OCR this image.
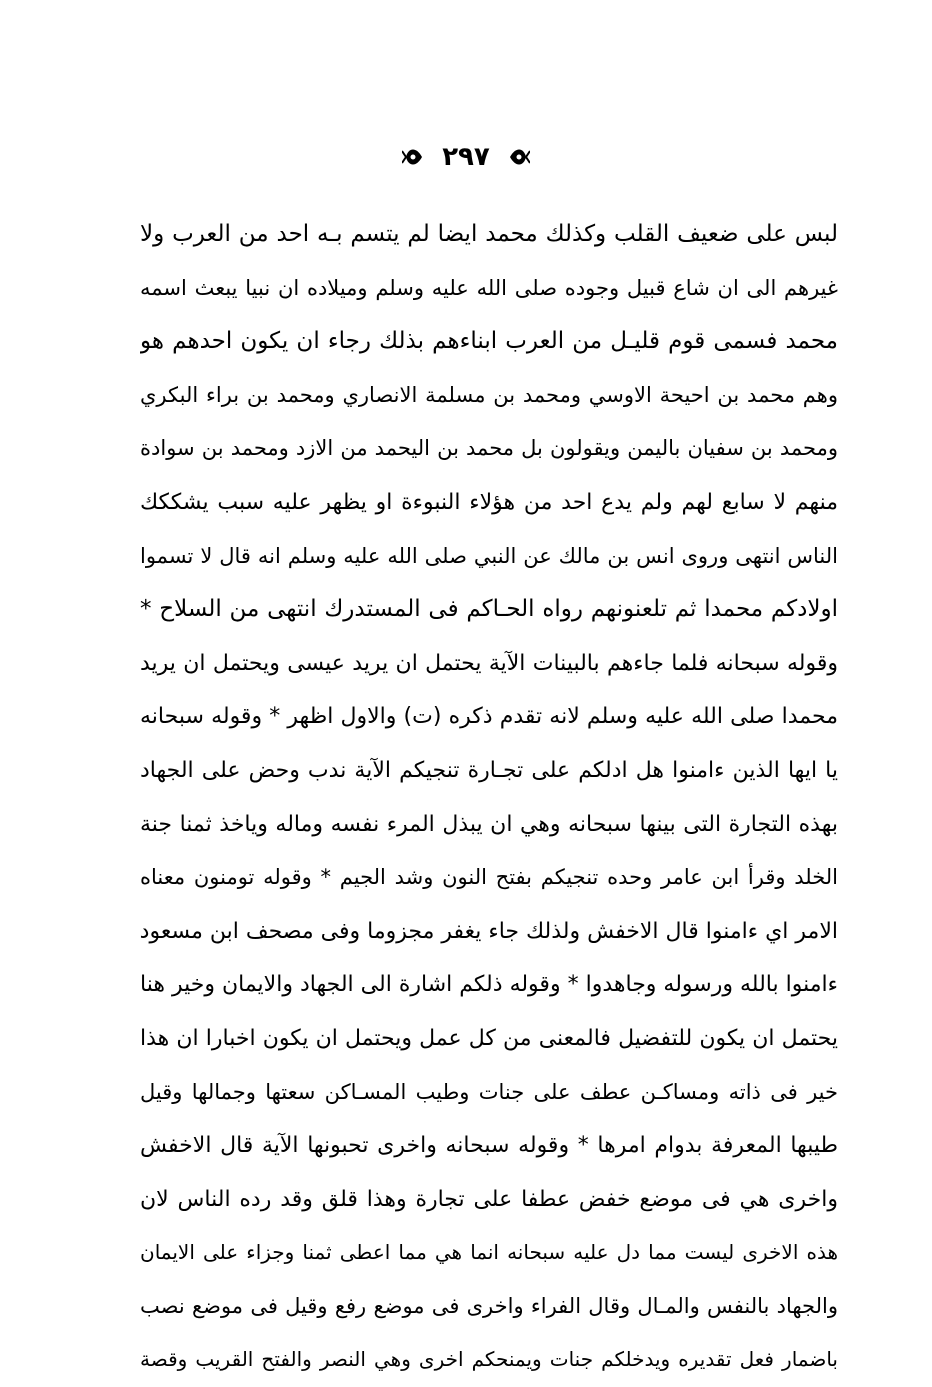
٢٩٧
لبس على ضعيف القلب وكذلك محمد ايضا لم يتسم بـه احد من العرب ولا
غيرهم الى ان شاع قبيل وجوده صلى الله عليه وسلم وميلاده ان نبيا يبعث اسمه
محمد فسمى قوم قليـل من العرب ابناءهم بذلك رجاء ان يكون احدهم هو
وهم محمد بن احيحة الاوسي ومحمد بن مسلمة الانصاري ومحمد بن براء البكري
ومحمد بن سفيان باليمن ويقولون بل محمد بن اليحمد من الازد ومحمد بن سوادة
منهم لا سابع لهم ولم يدع احد من هؤلاء النبوءة او يظهر عليه سبب يشككك
الناس انتهى وروى انس بن مالك عن النبي صلى الله عليه وسلم انه قال لا تسموا
اولادكم محمدا ثم تلعنونهم رواه الحـاكم فى المستدرك انتهى من السلاح *
وقوله سبحانه فلما جاءهم بالبينات الآية يحتمل ان يريد عيسى ويحتمل ان يريد
محمدا صلى الله عليه وسلم لانه تقدم ذكره (ت) والاول اظهر * وقوله سبحانه
يا ايها الذين ءامنوا هل ادلكم على تجـارة تنجيكم الآية ندب وحض على الجهاد
بهذه التجارة التى بينها سبحانه وهي ان يبذل المرء نفسه وماله وياخذ ثمنا جنة
الخلد وقرأ ابن عامر وحده تنجيكم بفتح النون وشد الجيم * وقوله تومنون معناه
الامر اي ءامنوا قال الاخفش ولذلك جاء يغفر مجزوما وفى مصحف ابن مسعود
ءامنوا بالله ورسوله وجاهدوا * وقوله ذلكم اشارة الى الجهاد والايمان وخير هنا
يحتمل ان يكون للتفضيل فالمعنى من كل عمل ويحتمل ان يكون اخبارا ان هذا
خير فى ذاته ومساكـن عطف على جنات وطيب المسـاكن سعتها وجمالها وقيل
طيبها المعرفة بدوام امرها * وقوله سبحانه واخرى تحبونها الآية قال الاخفش
واخرى هي فى موضع خفض عطفا على تجارة وهذا قلق وقد رده الناس لان
هذه الاخرى ليست مما دل عليه سبحانه انما هي مما اعطى ثمنا وجزاء على الايمان
والجهاد بالنفس والمـال وقال الفراء واخرى فى موضع رفع وقيل فى موضع نصب
باضمار فعل تقديره ويدخلكم جنات ويمنحكم اخرى وهي النصر والفتح القريب وقصة
